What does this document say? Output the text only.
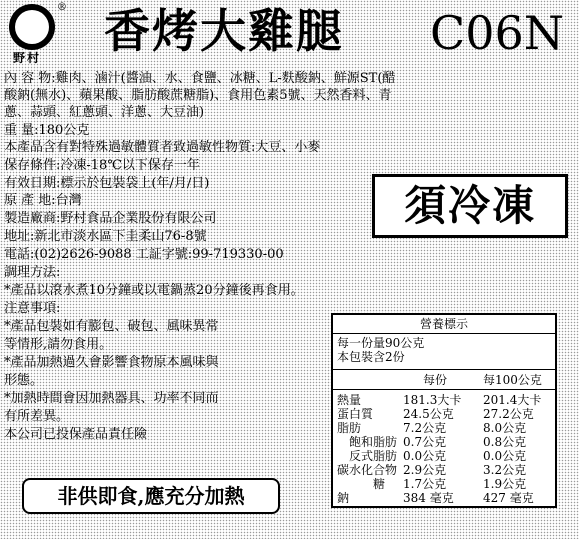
®
野村 香烤大雞腿 C06N
內 容 物:雞肉、滷汁(醬油、水、食鹽、冰糖、L-麩酸鈉、鮮源ST(醋
酸鈉(無水)、蘋果酸、脂肪酸蔗糖脂)、食用色素5號、天然香料、青
蔥、蒜頭、紅蔥頭、洋蔥、大豆油)
重 量:180公克
本產品含有對特殊過敏體質者致過敏性物質:大豆、小麥
保存條件:冷凍-18℃以下保存一年
有效日期:標示於包裝袋上(年/月/日)
原 產 地:台灣
製造廠商:野村食品企業股份有限公司
地址:新北市淡水區下圭柔山76-8號
電話:(02)2626-9088 工証字號:99-719330-00
調理方法:
*產品以滾水煮10分鐘或以電鍋蒸20分鐘後再食用。
注意事項:
*產品包裝如有膨包、破包、風味異常
等情形,請勿食用。
*產品加熱過久會影響食物原本風味與
形態。
*加熱時間會因加熱器具、功率不同而
有所差異。
本公司已投保產品責任險
須冷凍
非供即食,應充分加熱
營養標示
每一份量90公克
本包裝含2份
每份	每100公克
熱量	181.3大卡 201.4大卡
蛋白質 24.5公克 27.2公克
脂肪	7.2公克	8.0公克
飽和脂肪 0.7公克	0.8公克
反式脂肪 0.0公克	0.0公克
碳水化合物 2.9公克	3.2公克
糖 1.7公克	1.9公克
鈉	384 毫克 427 毫克
